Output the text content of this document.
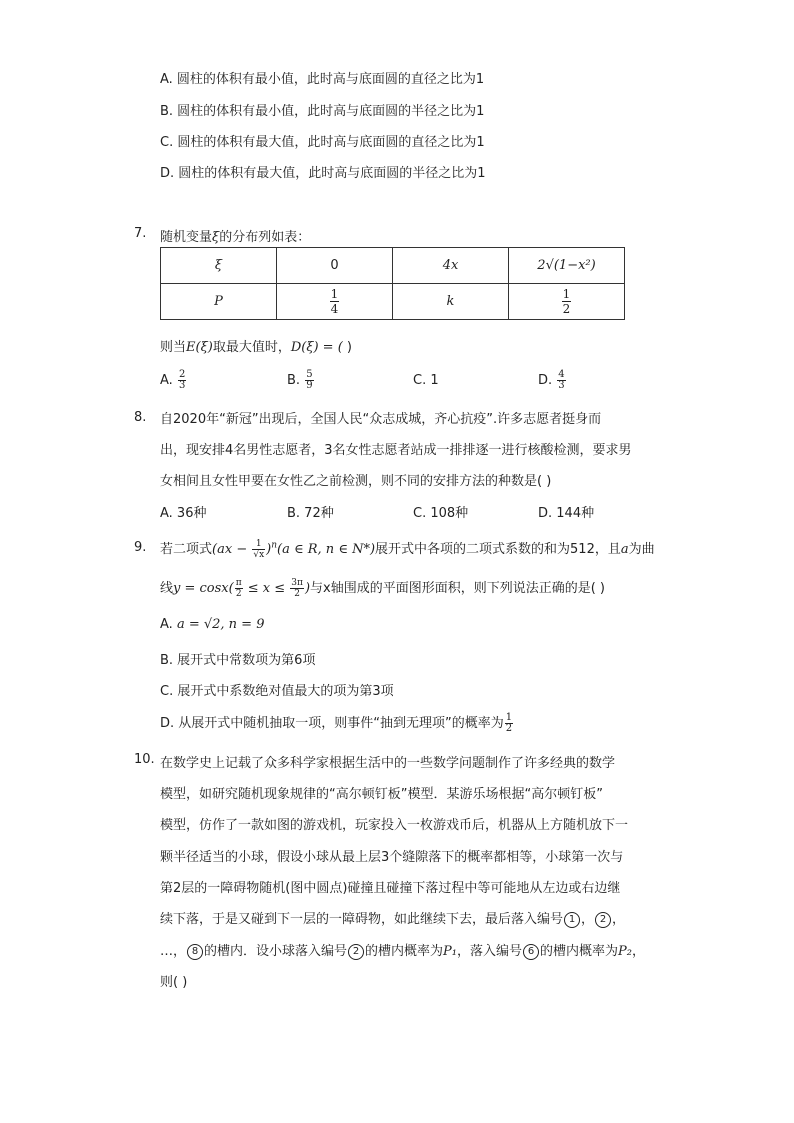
A. 圆柱的体积有最小值，此时高与底面圆的直径之比为1
B. 圆柱的体积有最小值，此时高与底面圆的半径之比为1
C. 圆柱的体积有最大值，此时高与底面圆的直径之比为1
D. 圆柱的体积有最大值，此时高与底面圆的半径之比为1
7. 随机变量ξ的分布列如表：
ξ	0	4x	2√(1−x²)
P	$\frac{1}{4}$	k	$\frac{1}{2}$
则当E(ξ)取最大值时，D(ξ) = ( )
A. $\frac{2}{3}$	B. $\frac{5}{9}$	C. 1	D. $\frac{4}{3}$
8. 自2020年“新冠”出现后，全国人民“众志成城，齐心抗疫”.许多志愿者挺身而
出，现安排4名男性志愿者，3名女性志愿者站成一排排逐一进行核酸检测，要求男
女相间且女性甲要在女性乙之前检测，则不同的安排方法的种数是( )
A. 36种	B. 72种	C. 108种	D. 144种
9. 若二项式$(ax - \frac{1}{√x} )^n(a$ ∈ R, n ∈ N*)展开式中各项的二项式系数的和为512，且a为曲
线$y = \cos x( \frac{\pi}{2} \le x \le \frac{3\pi}{2}$ )与x轴围成的平面图形面积，则下列说法正确的是( )
A. a = √2, n = 9
B. 展开式中常数项为第6项
C. 展开式中系数绝对值最大的项为第3项
D. 从展开式中随机抽取一项，则事件“抽到无理项”的概率为 $\frac{1}{2}$
10. 在数学史上记载了众多科学家根据生活中的一些数学问题制作了许多经典的数学
模型，如研究随机现象规律的“高尔顿钉板”模型．某游乐场根据“高尔顿钉板”
模型，仿作了一款如图的游戏机，玩家投入一枚游戏币后，机器从上方随机放下一
颗半径适当的小球，假设小球从最上层3个缝隙落下的概率都相等，小球第一次与
第2层的一障碍物随机(图中圆点)碰撞且碰撞下落过程中等可能地从左边或右边继
续下落，于是又碰到下一层的一障碍物，如此继续下去，最后落入编号 1 ， 2 ，
…， 8 的槽内．设小球落入编号 2 的槽内概率为P₁，落入编号 6 的槽内概率为P₂，
则( )
